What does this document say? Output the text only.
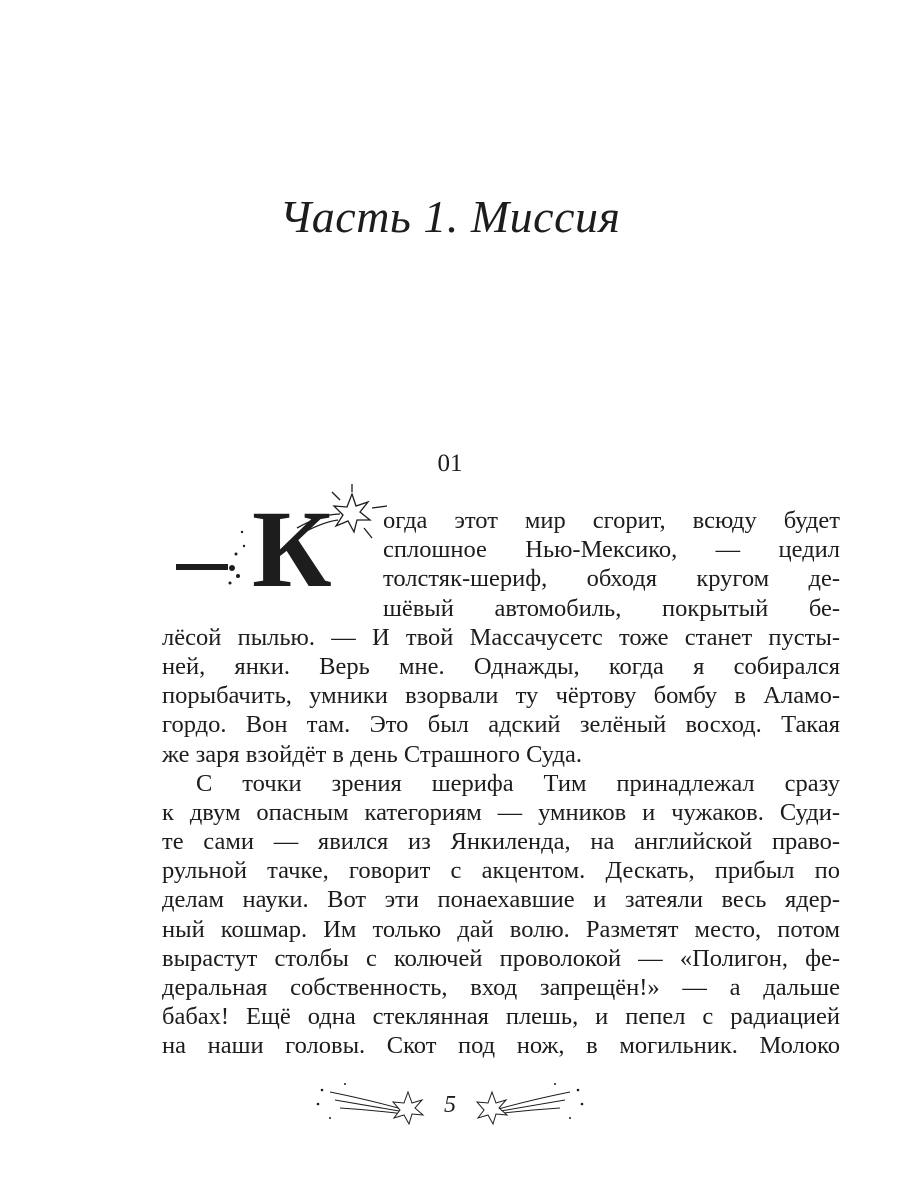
Часть 1. Миссия
01
К огда этот мир сгорит, всюду будет
сплошное Нью-Мексико, — цедил
толстяк-шериф, обходя кругом де-
шёвый автомобиль, покрытый бе-
лёсой пылью. — И твой Массачусетс тоже станет пусты-
ней, янки. Верь мне. Однажды, когда я собирался
порыбачить, умники взорвали ту чёртову бомбу в Аламо-
гордо. Вон там. Это был адский зелёный восход. Такая
же заря взойдёт в день Страшного Суда.
С точки зрения шерифа Тим принадлежал сразу
к двум опасным категориям — умников и чужаков. Суди-
те сами — явился из Янкиленда, на английской право-
рульной тачке, говорит с акцентом. Дескать, прибыл по
делам науки. Вот эти понаехавшие и затеяли весь ядер-
ный кошмар. Им только дай волю. Разметят место, потом
вырастут столбы с колючей проволокой — «Полигон, фе-
деральная собственность, вход запрещён!» — а дальше
бабах! Ещё одна стеклянная плешь, и пепел с радиацией
на наши головы. Скот под нож, в могильник. Молоко
5
